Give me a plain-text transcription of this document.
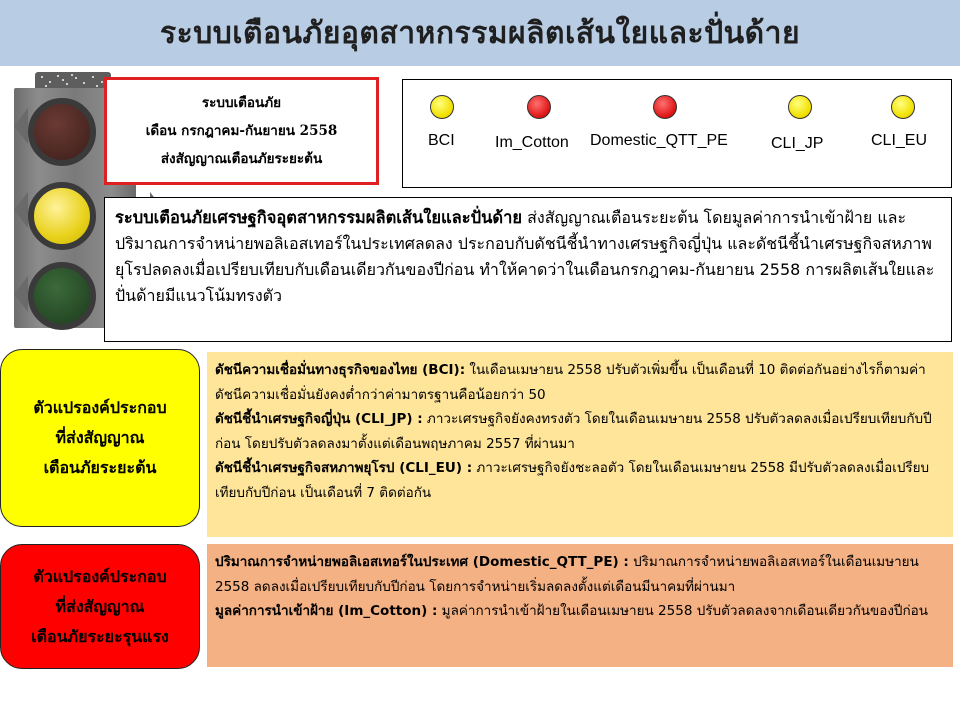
ระบบเตือนภัยอุตสาหกรรมผลิตเส้นใยและปั่นด้าย
ระบบเตือนภัย
เดือน กรกฎาคม-กันยายน 2558
ส่งสัญญาณเตือนภัยระยะต้น
BCI	Im_Cotton Domestic_QTT_PE	CLI_JP	CLI_EU
ระบบเตือนภัยเศรษฐกิจอุตสาหกรรมผลิตเส้นใยและปั่นด้าย ส่งสัญญาณเตือนระยะต้น โดยมูลค่าการนำเข้าฝ้าย และปริมาณการจำหน่ายพอลิเอสเทอร์ในประเทศลดลง ประกอบกับดัชนีชี้นำทางเศรษฐกิจญี่ปุ่น และดัชนีชี้นำเศรษฐกิจสหภาพยุโรปลดลงเมื่อเปรียบเทียบกับเดือนเดียวกันของปีก่อน ทำให้คาดว่าในเดือนกรกฎาคม-กันยายน 2558 การผลิตเส้นใยและปั่นด้ายมีแนวโน้มทรงตัว
ตัวแปรองค์ประกอบ
ที่ส่งสัญญาณ
เตือนภัยระยะต้น

ดัชนีความเชื่อมั่นทางธุรกิจของไทย (BCI): ในเดือนเมษายน 2558 ปรับตัวเพิ่มขึ้น เป็นเดือนที่ 10 ติดต่อกันอย่างไรก็ตามค่าดัชนีความเชื่อมั่นยังคงต่ำกว่าค่ามาตรฐานคือน้อยกว่า 50

ดัชนีชี้นำเศรษฐกิจญี่ปุ่น (CLI_JP) : ภาวะเศรษฐกิจยังคงทรงตัว โดยในเดือนเมษายน 2558 ปรับตัวลดลงเมื่อเปรียบเทียบกับปีก่อน โดยปรับตัวลดลงมาตั้งแต่เดือนพฤษภาคม 2557 ที่ผ่านมา

ดัชนีชี้นำเศรษฐกิจสหภาพยุโรป (CLI_EU) : ภาวะเศรษฐกิจยังชะลอตัว โดยในเดือนเมษายน 2558 มีปรับตัวลดลงเมื่อเปรียบเทียบกับปีก่อน เป็นเดือนที่ 7 ติดต่อกัน

ตัวแปรองค์ประกอบ
ที่ส่งสัญญาณ
เตือนภัยระยะรุนแรง

ปริมาณการจำหน่ายพอลิเอสเทอร์ในประเทศ (Domestic_QTT_PE) : ปริมาณการจำหน่ายพอลิเอสเทอร์ในเดือนเมษายน 2558 ลดลงเมื่อเปรียบเทียบกับปีก่อน โดยการจำหน่ายเริ่มลดลงตั้งแต่เดือนมีนาคมที่ผ่านมา

มูลค่าการนำเข้าฝ้าย (Im_Cotton) : มูลค่าการนำเข้าฝ้ายในเดือนเมษายน 2558 ปรับตัวลดลงจากเดือนเดียวกันของปีก่อน
